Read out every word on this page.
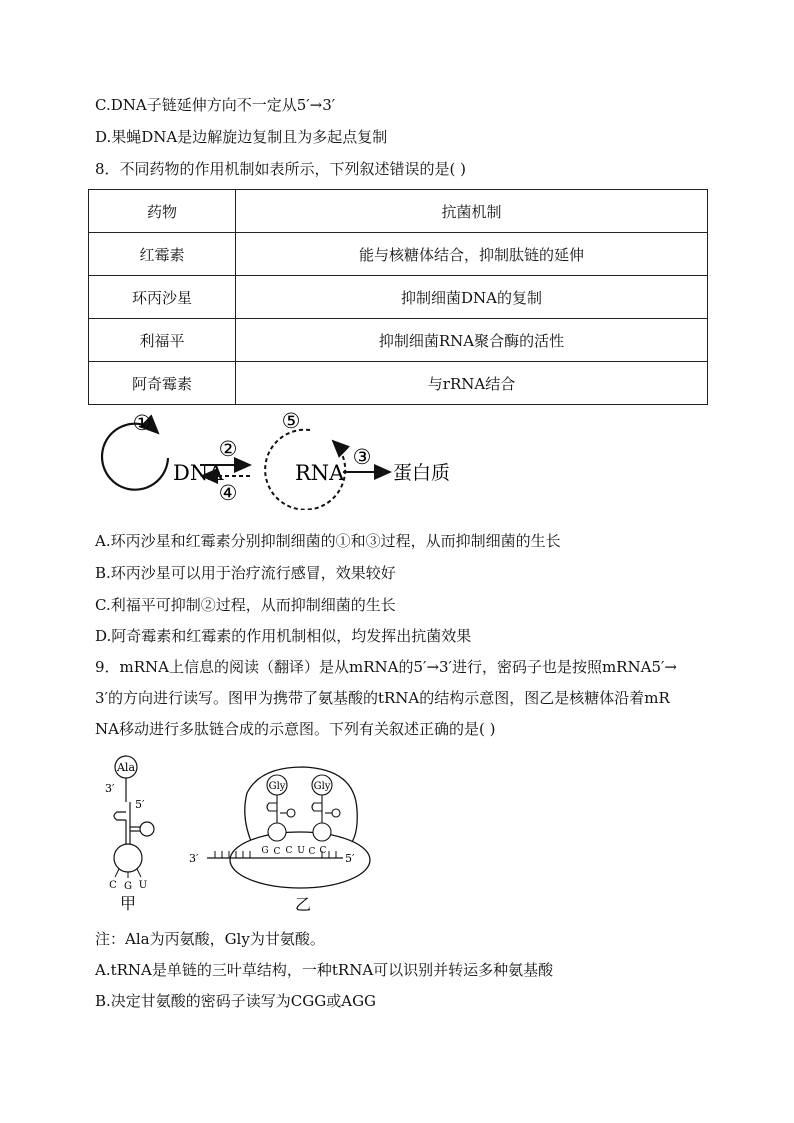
C.DNA子链延伸方向不一定从5′→3′
D.果蝇DNA是边解旋边复制且为多起点复制
8．不同药物的作用机制如表所示，下列叙述错误的是( )
药物	抗菌机制
红霉素	能与核糖体结合，抑制肽链的延伸
环丙沙星	抑制细菌DNA的复制
利福平	抑制细菌RNA聚合酶的活性
阿奇霉素	与rRNA结合
①
DNA
②
④
⑤
RNA
③
蛋白质
A.环丙沙星和红霉素分别抑制细菌的①和③过程，从而抑制细菌的生长
B.环丙沙星可以用于治疗流行感冒，效果较好
C.利福平可抑制②过程，从而抑制细菌的生长
D.阿奇霉素和红霉素的作用机制相似，均发挥出抗菌效果
9．mRNA上信息的阅读（翻译）是从mRNA的5′→3′进行，密码子也是按照mRNA5′→
3′的方向进行读写。图甲为携带了氨基酸的tRNA的结构示意图，图乙是核糖体沿着mR
NA移动进行多肽链合成的示意图。下列有关叙述正确的是( )
Ala
3′
5′
C G U
甲
3′	5′
Gly
G C C
Gly
U C C
乙
注：Ala为丙氨酸，Gly为甘氨酸。
A.tRNA是单链的三叶草结构，一种tRNA可以识别并转运多种氨基酸
B.决定甘氨酸的密码子读写为CGG或AGG
